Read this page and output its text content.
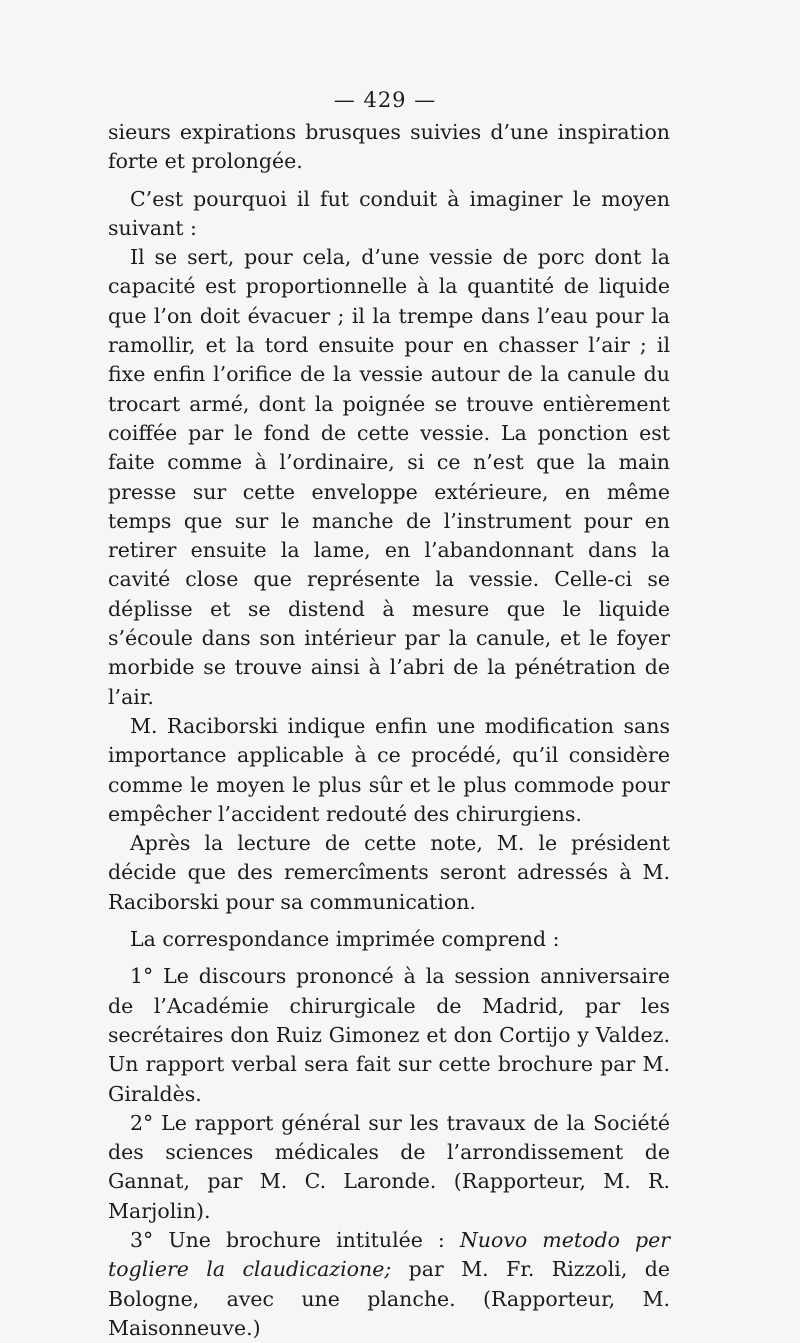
— 429 —

sieurs expirations brusques suivies d’une inspiration forte et prolongée.

C’est pourquoi il fut conduit à imaginer le moyen suivant :

Il se sert, pour cela, d’une vessie de porc dont la capacité est proportionnelle à la quantité de liquide que l’on doit évacuer ; il la trempe dans l’eau pour la ramollir, et la tord ensuite pour en chasser l’air ; il fixe enfin l’orifice de la vessie autour de la canule du trocart armé, dont la poignée se trouve entièrement coiffée par le fond de cette vessie. La ponction est faite comme à l’ordinaire, si ce n’est que la main presse sur cette enveloppe extérieure, en même temps que sur le manche de l’instrument pour en retirer ensuite la lame, en l’abandonnant dans la cavité close que représente la vessie. Celle-ci se déplisse et se distend à mesure que le liquide s’écoule dans son intérieur par la canule, et le foyer morbide se trouve ainsi à l’abri de la pénétration de l’air.

M. Raciborski indique enfin une modification sans importance applicable à ce procédé, qu’il considère comme le moyen le plus sûr et le plus commode pour empêcher l’accident redouté des chirurgiens.

Après la lecture de cette note, M. le président décide que des remercîments seront adressés à M. Raciborski pour sa communication.

La correspondance imprimée comprend :

1° Le discours prononcé à la session anniversaire de l’Académie chirurgicale de Madrid, par les secrétaires don Ruiz Gimonez et don Cortijo y Valdez. Un rapport verbal sera fait sur cette brochure par M. Giraldès.

2° Le rapport général sur les travaux de la Société des sciences médicales de l’arrondissement de Gannat, par M. C. Laronde. (Rapporteur, M. R. Marjolin).

3° Une brochure intitulée : Nuovo metodo per togliere la claudicazione; par M. Fr. Rizzoli, de Bologne, avec une planche. (Rapporteur, M. Maisonneuve.)
